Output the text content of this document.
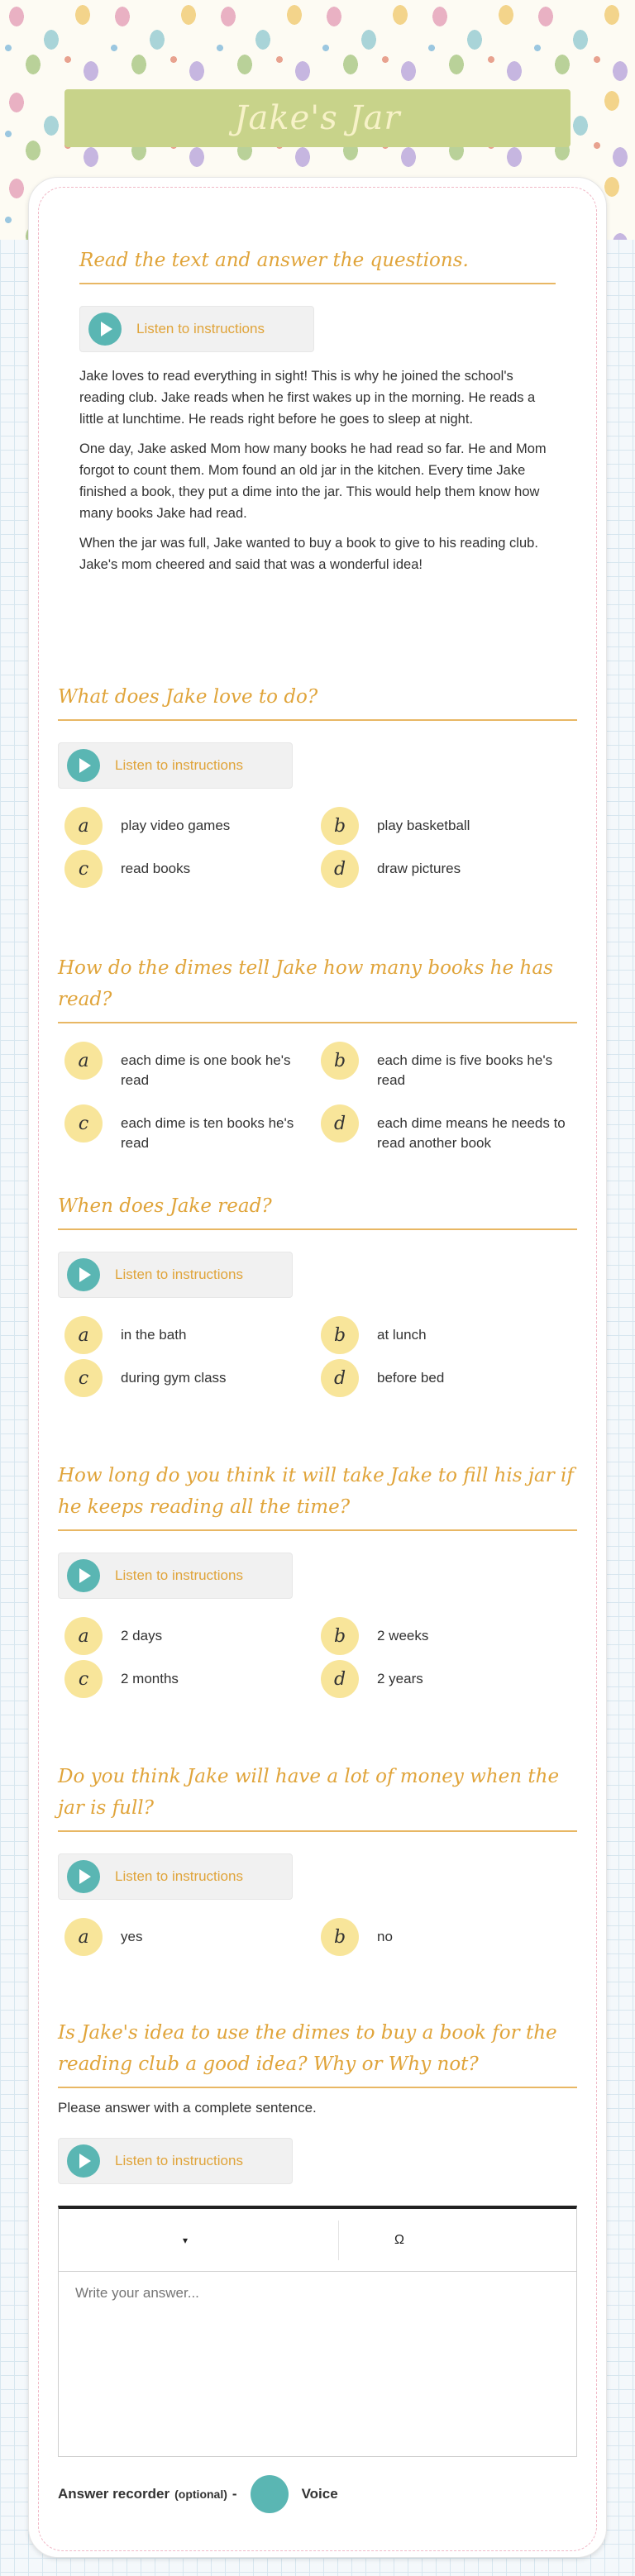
Jake's Jar
Read the text and answer the questions.
Listen to instructions

Jake loves to read everything in sight! This is why he joined the school's reading club. Jake reads when he first wakes up in the morning. He reads a little at lunchtime. He reads right before he goes to sleep at night.

One day, Jake asked Mom how many books he had read so far. He and Mom forgot to count them. Mom found an old jar in the kitchen. Every time Jake finished a book, they put a dime into the jar. This would help them know how many books Jake had read.

When the jar was full, Jake wanted to buy a book to give to his reading club. Jake's mom cheered and said that was a wonderful idea!

What does Jake love to do?
Listen to instructions
a	play video games	b	play basketball
c	read books	d	draw pictures
How do the dimes tell Jake how many books he has read?
a	each dime is one book he's read
b	each dime is five books he's read
c	each dime is ten books he's read
d	each dime means he needs to read another book
When does Jake read?
Listen to instructions
a	in the bath	b	at lunch
c	during gym class	d	before bed
How long do you think it will take Jake to fill his jar if he keeps reading all the time?
Listen to instructions
a	2 days	b	2 weeks
c	2 months	d	2 years
Do you think Jake will have a lot of money when the jar is full?
Listen to instructions
a	yes	b	no
Is Jake's idea to use the dimes to buy a book for the reading club a good idea? Why or Why not?
Please answer with a complete sentence.
Listen to instructions
▾	Ω
Write your answer...
Answer recorder (optional) -	Voice
